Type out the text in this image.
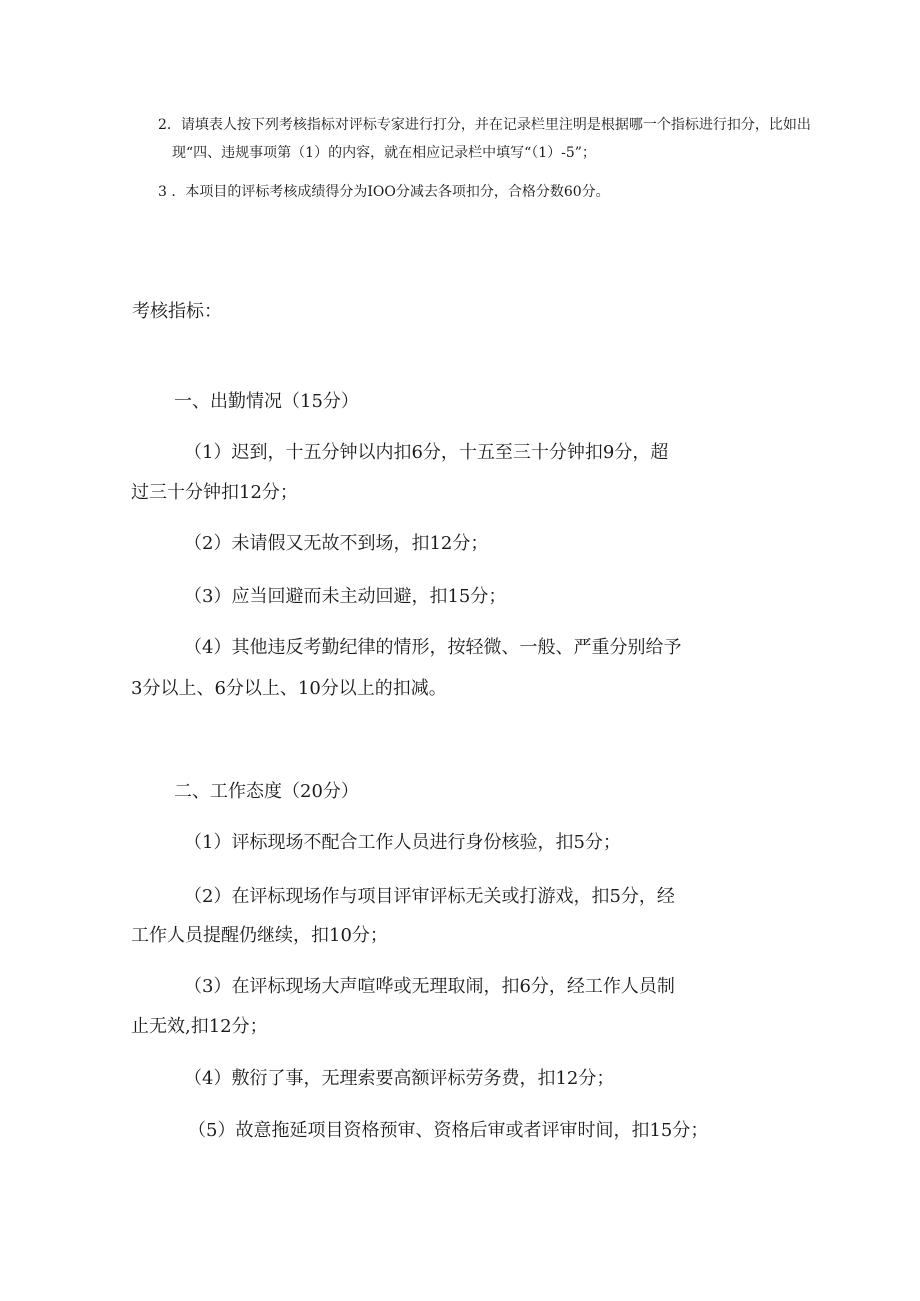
2．请填表人按下列考核指标对评标专家进行打分，并在记录栏里注明是根据哪一个指标进行扣分，比如出
现“四、违规事项第（1）的内容，就在相应记录栏中填写“（1）-5”；
3 ．本项目的评标考核成绩得分为IOO分减去各项扣分，合格分数60分。
考核指标：
一、出勤情况（15分）
（1）迟到，十五分钟以内扣6分，十五至三十分钟扣9分，超
过三十分钟扣12分；
（2）未请假又无故不到场，扣12分；
（3）应当回避而未主动回避，扣15分；
（4）其他违反考勤纪律的情形，按轻微、一般、严重分别给予
3分以上、6分以上、10分以上的扣减。
二、工作态度（20分）
（1）评标现场不配合工作人员进行身份核验，扣5分；
（2）在评标现场作与项目评审评标无关或打游戏，扣5分，经
工作人员提醒仍继续，扣10分；
（3）在评标现场大声喧哗或无理取闹，扣6分，经工作人员制
止无效,扣12分；
（4）敷衍了事，无理索要高额评标劳务费，扣12分；
（5）故意拖延项目资格预审、资格后审或者评审时间，扣15分；
